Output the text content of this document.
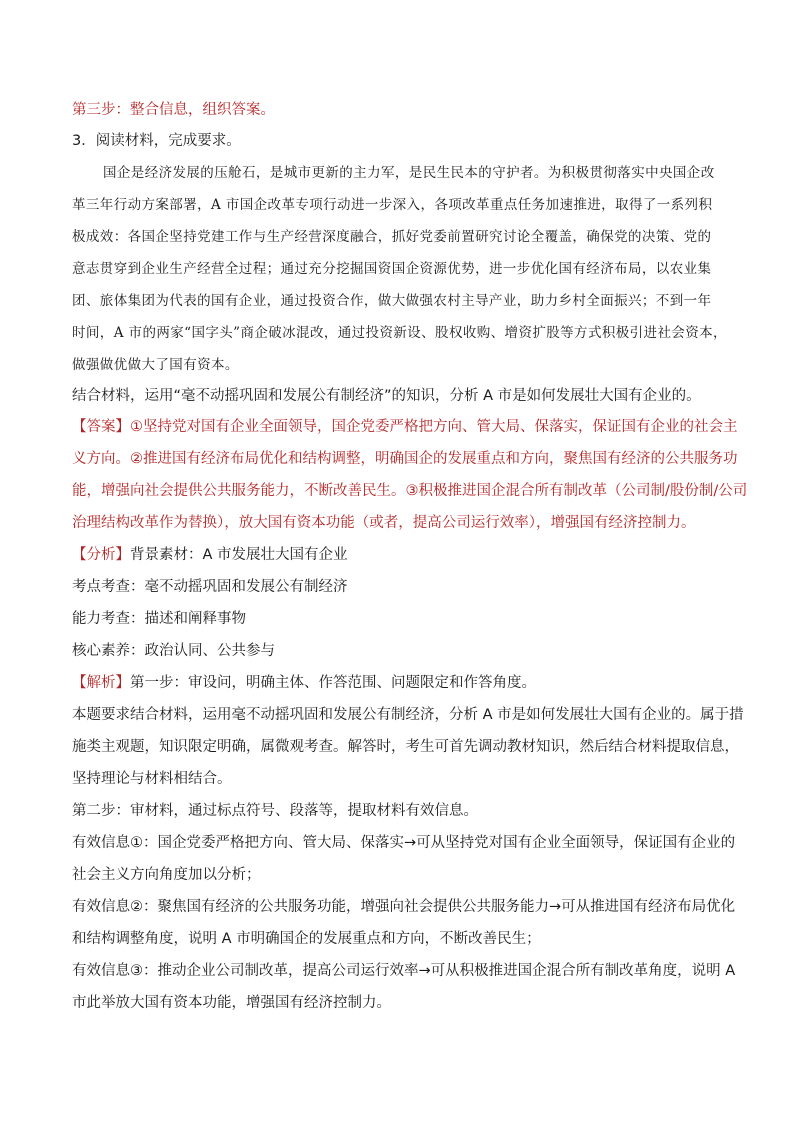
第三步：整合信息，组织答案。
3．阅读材料，完成要求。
国企是经济发展的压舱石，是城市更新的主力军，是民生民本的守护者。为积极贯彻落实中央国企改
革三年行动方案部署，A 市国企改革专项行动进一步深入，各项改革重点任务加速推进，取得了一系列积
极成效：各国企坚持党建工作与生产经营深度融合，抓好党委前置研究讨论全覆盖，确保党的决策、党的
意志贯穿到企业生产经营全过程；通过充分挖掘国资国企资源优势，进一步优化国有经济布局，以农业集
团、旅体集团为代表的国有企业，通过投资合作，做大做强农村主导产业，助力乡村全面振兴；不到一年
时间，A 市的两家“国字头”商企破冰混改，通过投资新设、股权收购、增资扩股等方式积极引进社会资本，
做强做优做大了国有资本。
结合材料，运用“毫不动摇巩固和发展公有制经济”的知识，分析 A 市是如何发展壮大国有企业的。
【答案】①坚持党对国有企业全面领导，国企党委严格把方向、管大局、保落实，保证国有企业的社会主
义方向。②推进国有经济布局优化和结构调整，明确国企的发展重点和方向，聚焦国有经济的公共服务功
能，增强向社会提供公共服务能力，不断改善民生。③积极推进国企混合所有制改革（公司制/股份制/公司
治理结构改革作为替换），放大国有资本功能（或者，提高公司运行效率），增强国有经济控制力。
【分析】背景素材：A 市发展壮大国有企业
考点考查：毫不动摇巩固和发展公有制经济
能力考查：描述和阐释事物
核心素养：政治认同、公共参与
【解析】第一步：审设问，明确主体、作答范围、问题限定和作答角度。
本题要求结合材料，运用毫不动摇巩固和发展公有制经济，分析 A 市是如何发展壮大国有企业的。属于措
施类主观题，知识限定明确，属微观考查。解答时，考生可首先调动教材知识，然后结合材料提取信息，
坚持理论与材料相结合。
第二步：审材料，通过标点符号、段落等，提取材料有效信息。
有效信息①：国企党委严格把方向、管大局、保落实→可从坚持党对国有企业全面领导，保证国有企业的
社会主义方向角度加以分析；
有效信息②：聚焦国有经济的公共服务功能，增强向社会提供公共服务能力→可从推进国有经济布局优化
和结构调整角度，说明 A 市明确国企的发展重点和方向，不断改善民生；
有效信息③：推动企业公司制改革，提高公司运行效率→可从积极推进国企混合所有制改革角度，说明 A
市此举放大国有资本功能，增强国有经济控制力。
